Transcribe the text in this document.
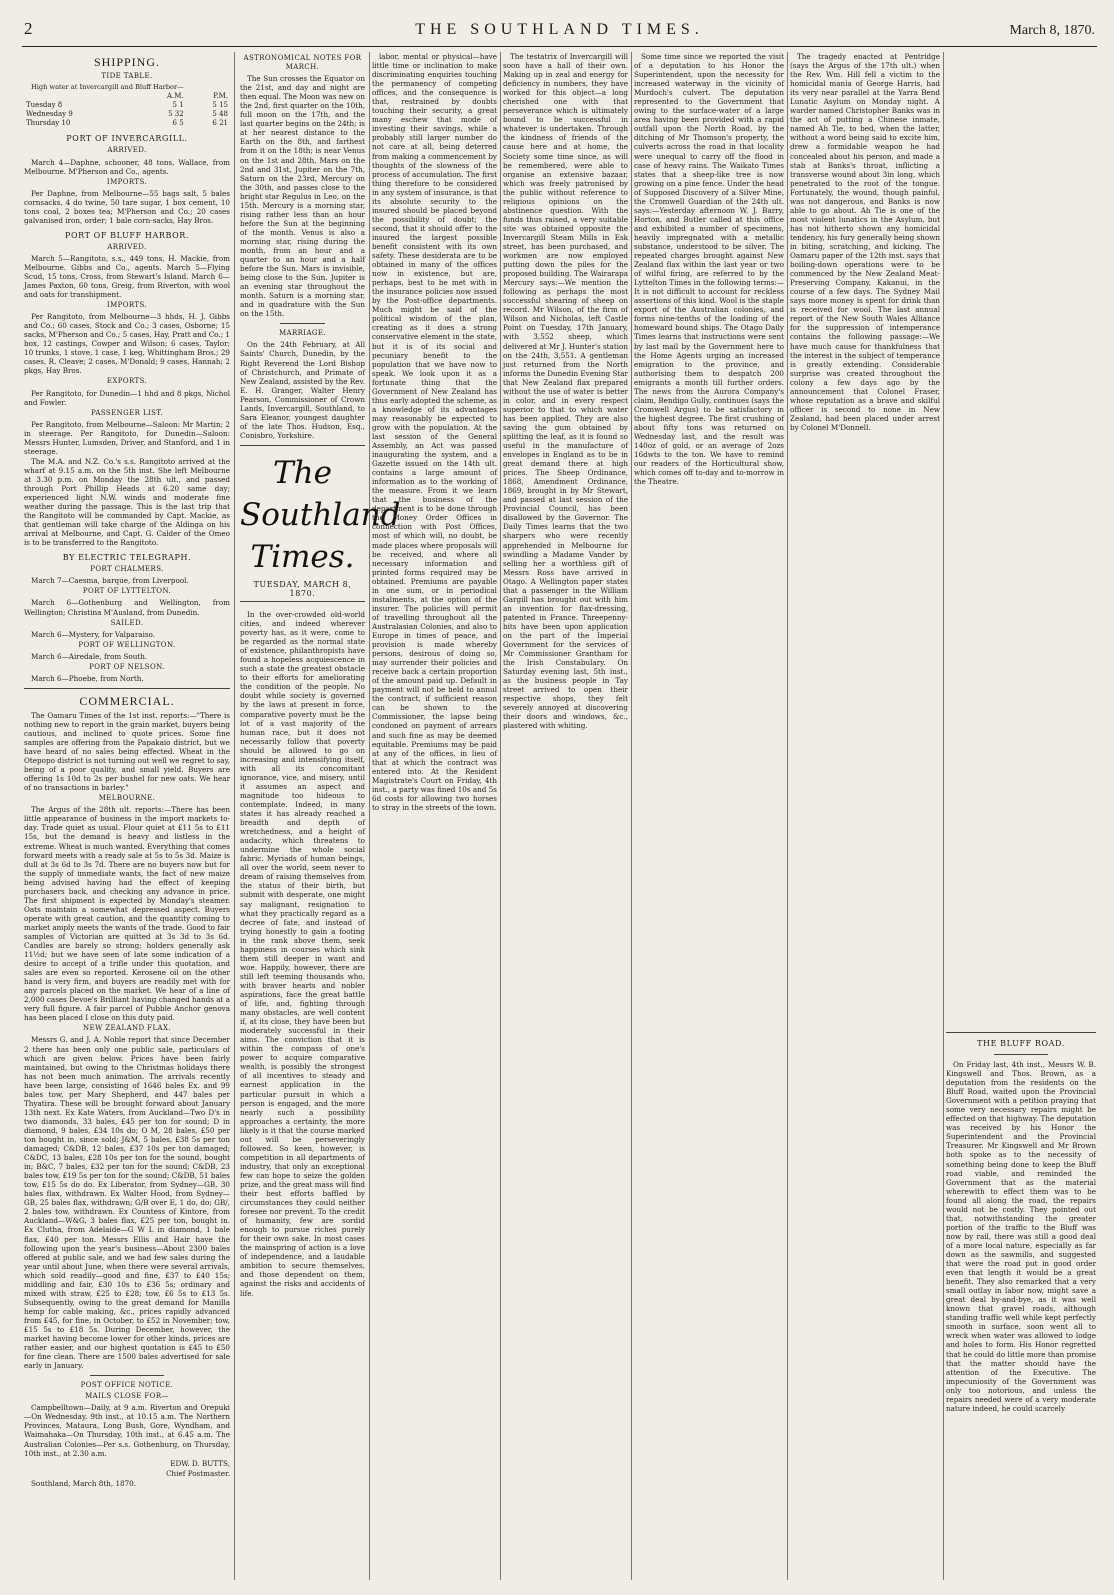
2	THE SOUTHLAND TIMES.	March 8, 1870.
SHIPPING.
TIDE TABLE.

High water at Invercargill and Bluff Harbor—

	A.M.	P.M.
Tuesday 8	5 1	5 15
Wednesday 9	5 32	5 48
Thursday 10	6 5	6 21
PORT OF INVERCARGILL.
ARRIVED.

March 4—Daphne, schooner, 48 tons, Wallace, from Melbourne. M'Pherson and Co., agents.

IMPORTS.

Per Daphne, from Melbourne—55 bags salt, 5 bales cornsacks, 4 do twine, 50 tare sugar, 1 box cement, 10 tons coal, 2 boxes tea; M'Pherson and Co.; 20 cases galvanised iron, order; 1 bale corn-sacks, Hay Bros.

PORT OF BLUFF HARBOR.
ARRIVED.

March 5—Rangitoto, s.s., 449 tons, H. Mackie, from Melbourne. Gibbs and Co., agents. March 5—Flying Scud, 15 tons, Cross, from Stewart's Island. March 6—James Paxton, 60 tons, Greig, from Riverton, with wool and oats for transhipment.

IMPORTS.

Per Rangitoto, from Melbourne—3 hhds, H. J. Gibbs and Co.; 60 cases, Stock and Co.; 3 cases, Osborne; 15 sacks, M'Pherson and Co.; 5 cases, Hay, Pratt and Co.; 1 box, 12 castings, Cowper and Wilson; 6 cases, Taylor; 10 trunks, 1 stove, 1 case, 1 keg, Whittingham Bros.; 29 cases, R. Cleave; 2 cases, M'Donald; 9 cases, Hannah; 2 pkgs, Hay Bros.

EXPORTS.

Per Rangitoto, for Dunedin—1 hhd and 8 pkgs, Nichol and Fowler.

PASSENGER LIST.

Per Rangitoto, from Melbourne—Saloon: Mr Martin; 2 in steerage. Per Rangitoto, for Dunedin—Saloon: Messrs Hunter, Lumsden, Driver, and Stanford, and 1 in steerage.

The M.A. and N.Z. Co.'s s.s. Rangitoto arrived at the wharf at 9.15 a.m. on the 5th inst. She left Melbourne at 3.30 p.m. on Monday the 28th ult., and passed through Port Phillip Heads at 6.20 same day; experienced light N.W. winds and moderate fine weather during the passage. This is the last trip that the Rangitoto will be commanded by Capt. Mackie, as that gentleman will take charge of the Aldinga on his arrival at Melbourne, and Capt. G. Calder of the Omeo is to be transferred to the Rangitoto.

BY ELECTRIC TELEGRAPH.
PORT CHALMERS.

March 7—Caesma, barque, from Liverpool.

PORT OF LYTTELTON.

March 6—Gothenburg and Wellington, from Wellington; Christina M'Ausland, from Dunedin.

SAILED.

March 6—Mystery, for Valparaiso.

PORT OF WELLINGTON.

March 6—Airedale, from South.

PORT OF NELSON.

March 6—Phoebe, from North.

COMMERCIAL.

The Oamaru Times of the 1st inst. reports:—"There is nothing new to report in the grain market, buyers being cautious, and inclined to quote prices. Some fine samples are offering from the Papakaio district, but we have heard of no sales being effected. Wheat in the Otepopo district is not turning out well we regret to say, being of a poor quality, and small yield. Buyers are offering 1s 10d to 2s per bushel for new oats. We hear of no transactions in barley."

MELBOURNE.

The Argus of the 28th ult. reports:—There has been little appearance of business in the import markets to-day. Trade quiet as usual. Flour quiet at £11 5s to £11 15s, but the demand is heavy and listless in the extreme. Wheat is much wanted. Everything that comes forward meets with a ready sale at 5s to 5s 3d. Maize is dull at 3s 6d to 3s 7d. There are no buyers now but for the supply of immediate wants, the fact of new maize being advised having had the effect of keeping purchasers back, and checking any advance in price. The first shipment is expected by Monday's steamer. Oats maintain a somewhat depressed aspect. Buyers operate with great caution, and the quantity coming to market amply meets the wants of the trade. Good to fair samples of Victorian are quitted at 3s 3d to 3s 6d. Candles are barely so strong; holders generally ask 11½d; but we have seen of late some indication of a desire to accept of a trifle under this quotation, and sales are even so reported. Kerosene oil on the other hand is very firm, and buyers are readily met with for any parcels placed on the market. We hear of a line of 2,000 cases Devoe's Brilliant having changed hands at a very full figure. A fair parcel of Pubble Anchor genova has been placed I close on this duty paid.

NEW ZEALAND FLAX.

Messrs G. and J. A. Noble report that since December 2 there has been only one public sale, particulars of which are given below. Prices have been fairly maintained, but owing to the Christmas holidays there has not been much animation. The arrivals recently have been large, consisting of 1646 bales Ex. and 99 bales tow, per Mary Shepherd, and 447 bales per Thyatira. These will be brought forward about January 13th next. Ex Kate Waters, from Auckland—Two D's in two diamonds, 33 bales, £45 per ton for sound; D in diamond, 9 bales, £34 10s do; O M, 28 bales, £50 per ton bought in, since sold; J&M, 5 bales, £38 5s per ton damaged; C&DB, 12 bales, £37 10s per ton damaged; C&DC, 13 bales, £28 10s per ton for the sound, bought in; B&C, 7 bales, £32 per ton for the sound; C&DB, 23 bales tow, £19 5s per ton for the sound; C&DB, 51 bales tow, £15 5s do do. Ex Liberator, from Sydney—GB, 30 bales flax, withdrawn. Ex Walter Hood, from Sydney—GB, 25 bales flax, withdrawn; G/B over E, 1 do, do; GB/, 2 bales tow, withdrawn. Ex Countess of Kintore, from Auckland—W&G, 3 bales flax, £25 per ton, bought in. Ex Clutha, from Adelaide—G W L in diamond, 1 bale flax, £40 per ton. Messrs Ellis and Hair have the following upon the year's business—About 2300 bales offered at public sale, and we had few sales during the year until about June, when there were several arrivals, which sold readily—good and fine, £37 to £40 15s; middling and fair, £30 10s to £36 5s; ordinary and mixed with straw, £25 to £28; tow, £6 5s to £13 5s. Subsequently, owing to the great demand for Manilla hemp for cable making, &c., prices rapidly advanced from £45, for fine, in October, to £52 in November; tow, £15 5s to £18 5s. During December, however, the market having become lower for other kinds, prices are rather easier, and our highest quotation is £45 to £50 for fine clean. There are 1500 bales advertised for sale early in January.

POST OFFICE NOTICE.
MAILS CLOSE FOR—

Campbelltown—Daily, at 9 a.m. Riverton and Orepuki—On Wednesday, 9th inst., at 10.15 a.m. The Northern Provinces, Mataura, Long Bush, Gore, Wyndham, and Waimahaka—On Thursday, 10th inst., at 6.45 a.m. The Australian Colonies—Per s.s. Gothenburg, on Thursday, 10th inst., at 2.30 a.m.

EDW. D. BUTTS,

Chief Postmaster.

Southland, March 8th, 1870.

ASTRONOMICAL NOTES FOR MARCH.

The Sun crosses the Equator on the 21st, and day and night are then equal. The Moon was new on the 2nd, first quarter on the 10th, full moon on the 17th, and the last quarter begins on the 24th; is at her nearest distance to the Earth on the 8th, and farthest from it on the 18th; is near Venus on the 1st and 28th, Mars on the 2nd and 31st, Jupiter on the 7th, Saturn on the 23rd, Mercury on the 30th, and passes close to the bright star Regulus in Leo, on the 15th. Mercury is a morning star, rising rather less than an hour before the Sun at the beginning of the month. Venus is also a morning star, rising during the month, from an hour and a quarter to an hour and a half before the Sun. Mars is invisible, being close to the Sun. Jupiter is an evening star throughout the month. Saturn is a morning star, and in quadrature with the Sun on the 15th.

MARRIAGE.

On the 24th February, at All Saints' Church, Dunedin, by the Right Reverend the Lord Bishop of Christchurch, and Primate of New Zealand, assisted by the Rev. E. H. Granger, Walter Henry Pearson, Commissioner of Crown Lands, Invercargill, Southland, to Sara Eleanor, youngest daughter of the late Thos. Hudson, Esq., Conisbro, Yorkshire.

The Southland Times.
TUESDAY, MARCH 8, 1870.

In the over-crowded old-world cities, and indeed wherever poverty has, as it were, come to be regarded as the normal state of existence, philanthropists have found a hopeless acquiescence in such a state the greatest obstacle to their efforts for ameliorating the condition of the people. No doubt while society is governed by the laws at present in force, comparative poverty must be the lot of a vast majority of the human race, but it does not necessarily follow that poverty should be allowed to go on increasing and intensifying itself, with all its concomitant ignorance, vice, and misery, until it assumes an aspect and magnitude too hideous to contemplate. Indeed, in many states it has already reached a breadth and depth of wretchedness, and a height of audacity, which threatens to undermine the whole social fabric. Myriads of human beings, all over the world, seem never to dream of raising themselves from the status of their birth, but submit with desperate, one might say malignant, resignation to what they practically regard as a decree of fate, and instead of trying honestly to gain a footing in the rank above them, seek happiness in courses which sink them still deeper in want and woe. Happily, however, there are still left teeming thousands who, with braver hearts and nobler aspirations, face the great battle of life, and, fighting through many obstacles, are well content if, at its close, they have been but moderately successful in their aims. The conviction that it is within the compass of one's power to acquire comparative wealth, is possibly the strongest of all incentives to steady and earnest application in the particular pursuit in which a person is engaged, and the more nearly such a possibility approaches a certainty, the more likely is it that the course marked out will be perseveringly followed. So keen, however, is competition in all departments of industry, that only an exceptional few can hope to seize the golden prize, and the great mass will find their best efforts baffled by circumstances they could neither foresee nor prevent. To the credit of humanity, few are sordid enough to pursue riches purely for their own sake. In most cases the mainspring of action is a love of independence, and a laudable ambition to secure themselves, and those dependent on them, against the risks and accidents of life.

labor, mental or physical—have little time or inclination to make discriminating enquiries touching the permanency of competing offices, and the consequence is that, restrained by doubts touching their security, a great many eschew that mode of investing their savings, while a probably still larger number do not care at all, being deterred from making a commencement by thoughts of the slowness of the process of accumulation. The first thing therefore to be considered in any system of insurance, is that its absolute security to the insured should be placed beyond the possibility of doubt; the second, that it should offer to the insured the largest possible benefit consistent with its own safety. These desiderata are to be obtained in many of the offices now in existence, but are, perhaps, best to be met with in the insurance policies now issued by the Post-office departments. Much might be said of the political wisdom of the plan, creating as it does a strong conservative element in the state, but it is of its social and pecuniary benefit to the population that we have now to speak. We look upon it as a fortunate thing that the Government of New Zealand has thus early adopted the scheme, as a knowledge of its advantages may reasonably be expected to grow with the population. At the last session of the General Assembly, an Act was passed inaugurating the system, and a Gazette issued on the 14th ult. contains a large amount of information as to the working of the measure. From it we learn that the business of the department is to be done through the Money Order Offices in connection with Post Offices, most of which will, no doubt, be made places where proposals will be received, and where all necessary information and printed forms required may be obtained. Premiums are payable in one sum, or in periodical instalments, at the option of the insurer. The policies will permit of travelling throughout all the Australasian Colonies, and also to Europe in times of peace, and provision is made whereby persons, desirous of doing so, may surrender their policies and receive back a certain proportion of the amount paid up. Default in payment will not be held to annul the contract, if sufficient reason can be shown to the Commissioner, the lapse being condoned on payment of arrears and such fine as may be deemed equitable. Premiums may be paid at any of the offices, in lieu of that at which the contract was entered into. At the Resident Magistrate's Court on Friday, 4th inst., a party was fined 10s and 5s 6d costs for allowing two horses to stray in the streets of the town.

The testatrix of Invercargill will soon have a hall of their own. Making up in zeal and energy for deficiency in numbers, they have worked for this object—a long cherished one with that perseverance which is ultimately bound to be successful in whatever is undertaken. Through the kindness of friends of the cause here and at home, the Society some time since, as will be remembered, were able to organise an extensive bazaar, which was freely patronised by the public without reference to religious opinions on the abstinence question. With the funds thus raised, a very suitable site was obtained opposite the Invercargill Steam Mills in Esk street, has been purchased, and workmen are now employed putting down the piles for the proposed building. The Wairarapa Mercury says:—We mention the following as perhaps the most successful shearing of sheep on record. Mr Wilson, of the firm of Wilson and Nicholas, left Castle Point on Tuesday, 17th January, with 3,552 sheep, which delivered at Mr J. Hunter's station on the 24th, 3,551. A gentleman just returned from the North informs the Dunedin Evening Star that New Zealand flax prepared without the use of water is better in color, and in every respect superior to that to which water has been applied. They are also saving the gum obtained by splitting the leaf, as it is found so useful in the manufacture of envelopes in England as to be in great demand there at high prices. The Sheep Ordinance, 1868, Amendment Ordinance, 1869, brought in by Mr Stewart, and passed at last session of the Provincial Council, has been disallowed by the Governor. The Daily Times learns that the two sharpers who were recently apprehended in Melbourne for swindling a Madame Vander by selling her a worthless gift of Messrs Ross have arrived in Otago. A Wellington paper states that a passenger in the William Gargill has brought out with him an invention for flax-dressing, patented in France. Threepenny-bits have been upon application on the part of the Imperial Government for the services of Mr Commissioner Grantham for the Irish Constabulary. On Saturday evening last, 5th inst., as the business people in Tay street arrived to open their respective shops, they felt severely annoyed at discovering their doors and windows, &c., plastered with whiting.

Some time since we reported the visit of a deputation to his Honor the Superintendent, upon the necessity for increased waterway in the vicinity of Murdoch's culvert. The deputation represented to the Government that owing to the surface-water of a large area having been provided with a rapid outfall upon the North Road, by the ditching of Mr Thomson's property, the culverts across the road in that locality were unequal to carry off the flood in case of heavy rains. The Waikato Times states that a sheep-like tree is now growing on a pine fence. Under the head of Supposed Discovery of a Silver Mine, the Cromwell Guardian of the 24th ult. says:—Yesterday afternoon W. J. Barry, Horton, and Butler called at this office and exhibited a number of specimens, heavily impregnated with a metallic substance, understood to be silver. The repeated charges brought against New Zealand flax within the last year or two of wilful firing, are referred to by the Lyttelton Times in the following terms:—It is not difficult to account for reckless assertions of this kind. Wool is the staple export of the Australian colonies, and forms nine-tenths of the loading of the homeward bound ships. The Otago Daily Times learns that instructions were sent by last mail by the Government here to the Home Agents urging an increased emigration to the province, and authorising them to despatch 200 emigrants a month till further orders. The news from the Aurora Company's claim, Bendigo Gully, continues (says the Cromwell Argus) to be satisfactory in the highest degree. The first crushing of about fifty tons was returned on Wednesday last, and the result was 140oz of gold, or an average of 2ozs 16dwts to the ton. We have to remind our readers of the Horticultural show, which comes off to-day and to-morrow in the Theatre.

The tragedy enacted at Pentridge (says the Argus of the 17th ult.) when the Rev. Wm. Hill fell a victim to the homicidal mania of George Harris, had its very near parallel at the Yarra Bend Lunatic Asylum on Monday night. A warder named Christopher Banks was in the act of putting a Chinese inmate, named Ah Tie, to bed, when the latter, without a word being said to excite him, drew a formidable weapon he had concealed about his person, and made a stab at Banks's throat, inflicting a transverse wound about 3in long, which penetrated to the root of the tongue. Fortunately, the wound, though painful, was not dangerous, and Banks is now able to go about. Ah Tie is one of the most violent lunatics in the Asylum, but has not hitherto shown any homicidal tendency, his fury generally being shown in biting, scratching, and kicking. The Oamaru paper of the 12th inst. says that boiling-down operations were to be commenced by the New Zealand Meat-Preserving Company, Kakanui, in the course of a few days. The Sydney Mail says more money is spent for drink than is received for wool. The last annual report of the New South Wales Alliance for the suppression of intemperance contains the following passage:—We have much cause for thankfulness that the interest in the subject of temperance is greatly extending. Considerable surprise was created throughout the colony a few days ago by the announcement that Colonel Fraser, whose reputation as a brave and skilful officer is second to none in New Zealand, had been placed under arrest by Colonel M'Donnell.

THE BLUFF ROAD.

On Friday last, 4th inst., Messrs W. B. Kingswell and Thos. Brown, as a deputation from the residents on the Bluff Road, waited upon the Provincial Government with a petition praying that some very necessary repairs might be effected on that highway. The deputation was received by his Honor the Superintendent and the Provincial Treasurer. Mr Kingswell and Mr Brown both spoke as to the necessity of something being done to keep the Bluff road viable, and reminded the Government that as the material wherewith to effect them was to be found all along the road, the repairs would not be costly. They pointed out that, notwithstanding the greater portion of the traffic to the Bluff was now by rail, there was still a good deal of a more local nature, especially as far down as the sawmills, and suggested that were the road put in good order even that length it would be a great benefit. They also remarked that a very small outlay in labor now, might save a great deal by-and-bye, as it was well known that gravel roads, although standing traffic well while kept perfectly smooth in surface, soon went all to wreck when water was allowed to lodge and holes to form. His Honor regretted that he could do little more than promise that the matter should have the attention of the Executive. The impecuniosity of the Government was only too notorious, and unless the repairs needed were of a very moderate nature indeed, he could scarcely
